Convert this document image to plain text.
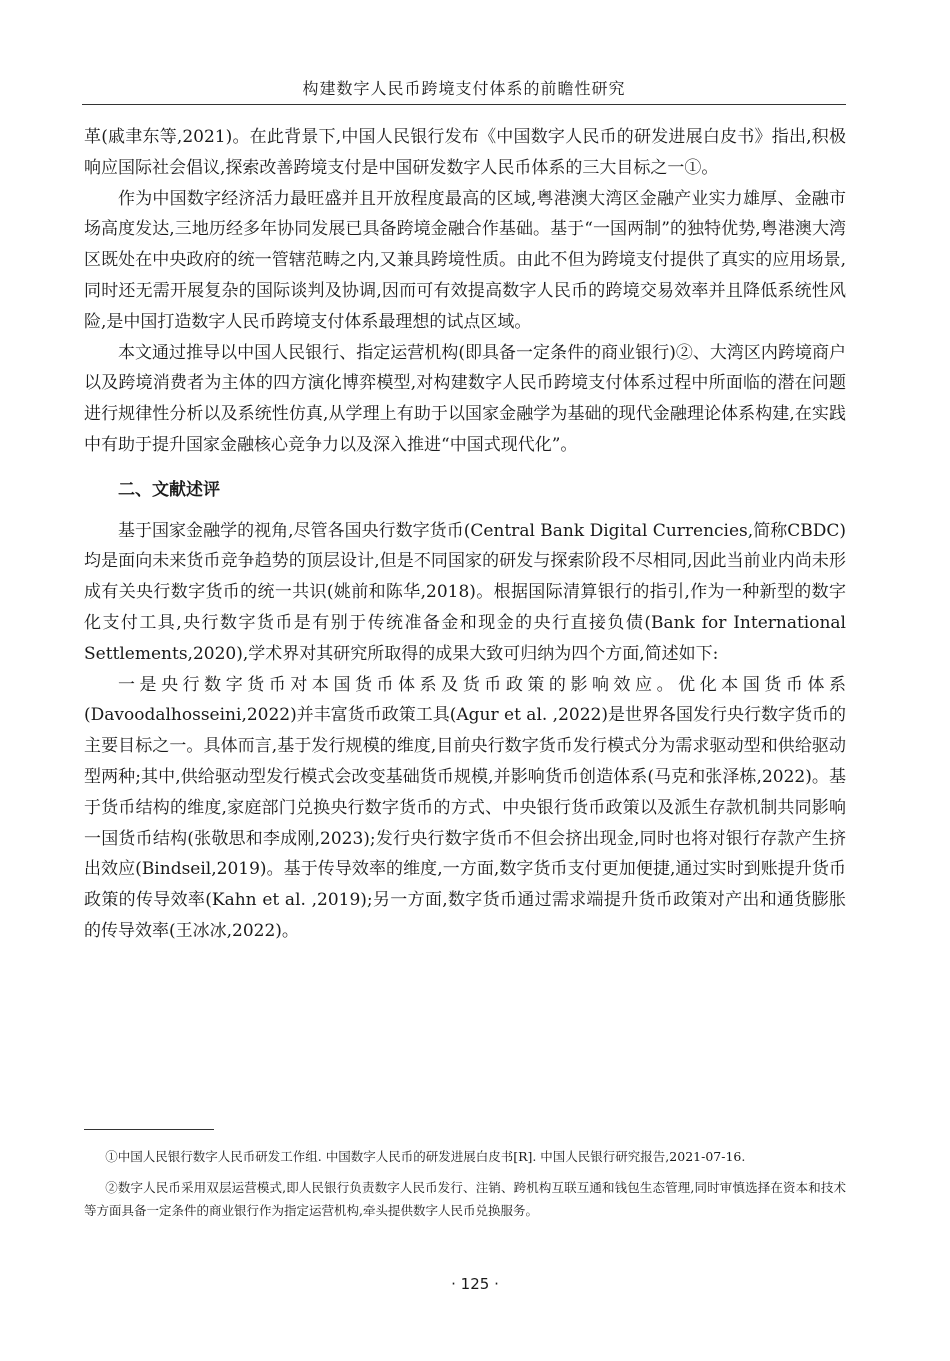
构建数字人民币跨境支付体系的前瞻性研究

革(戚聿东等,2021)。在此背景下,中国人民银行发布《中国数字人民币的研发进展白皮书》指出,积极响应国际社会倡议,探索改善跨境支付是中国研发数字人民币体系的三大目标之一①。

作为中国数字经济活力最旺盛并且开放程度最高的区域,粤港澳大湾区金融产业实力雄厚、金融市场高度发达,三地历经多年协同发展已具备跨境金融合作基础。基于“一国两制”的独特优势,粤港澳大湾区既处在中央政府的统一管辖范畴之内,又兼具跨境性质。由此不但为跨境支付提供了真实的应用场景,同时还无需开展复杂的国际谈判及协调,因而可有效提高数字人民币的跨境交易效率并且降低系统性风险,是中国打造数字人民币跨境支付体系最理想的试点区域。

本文通过推导以中国人民银行、指定运营机构(即具备一定条件的商业银行)②、大湾区内跨境商户以及跨境消费者为主体的四方演化博弈模型,对构建数字人民币跨境支付体系过程中所面临的潜在问题进行规律性分析以及系统性仿真,从学理上有助于以国家金融学为基础的现代金融理论体系构建,在实践中有助于提升国家金融核心竞争力以及深入推进“中国式现代化”。

二、文献述评

基于国家金融学的视角,尽管各国央行数字货币(Central Bank Digital Currencies,简称CBDC)均是面向未来货币竞争趋势的顶层设计,但是不同国家的研发与探索阶段不尽相同,因此当前业内尚未形成有关央行数字货币的统一共识(姚前和陈华,2018)。根据国际清算银行的指引,作为一种新型的数字化支付工具,央行数字货币是有别于传统准备金和现金的央行直接负债(Bank for International Settlements,2020),学术界对其研究所取得的成果大致可归纳为四个方面,简述如下:

一是央行数字货币对本国货币体系及货币政策的影响效应。优化本国货币体系(Davoodalhosseini,2022)并丰富货币政策工具(Agur et al. ,2022)是世界各国发行央行数字货币的主要目标之一。具体而言,基于发行规模的维度,目前央行数字货币发行模式分为需求驱动型和供给驱动型两种;其中,供给驱动型发行模式会改变基础货币规模,并影响货币创造体系(马克和张泽栋,2022)。基于货币结构的维度,家庭部门兑换央行数字货币的方式、中央银行货币政策以及派生存款机制共同影响一国货币结构(张敬思和李成刚,2023);发行央行数字货币不但会挤出现金,同时也将对银行存款产生挤出效应(Bindseil,2019)。基于传导效率的维度,一方面,数字货币支付更加便捷,通过实时到账提升货币政策的传导效率(Kahn et al. ,2019);另一方面,数字货币通过需求端提升货币政策对产出和通货膨胀的传导效率(王冰冰,2022)。

①中国人民银行数字人民币研发工作组. 中国数字人民币的研发进展白皮书[R]. 中国人民银行研究报告,2021-07-16.

②数字人民币采用双层运营模式,即人民银行负责数字人民币发行、注销、跨机构互联互通和钱包生态管理,同时审慎选择在资本和技术等方面具备一定条件的商业银行作为指定运营机构,牵头提供数字人民币兑换服务。

· 125 ·
